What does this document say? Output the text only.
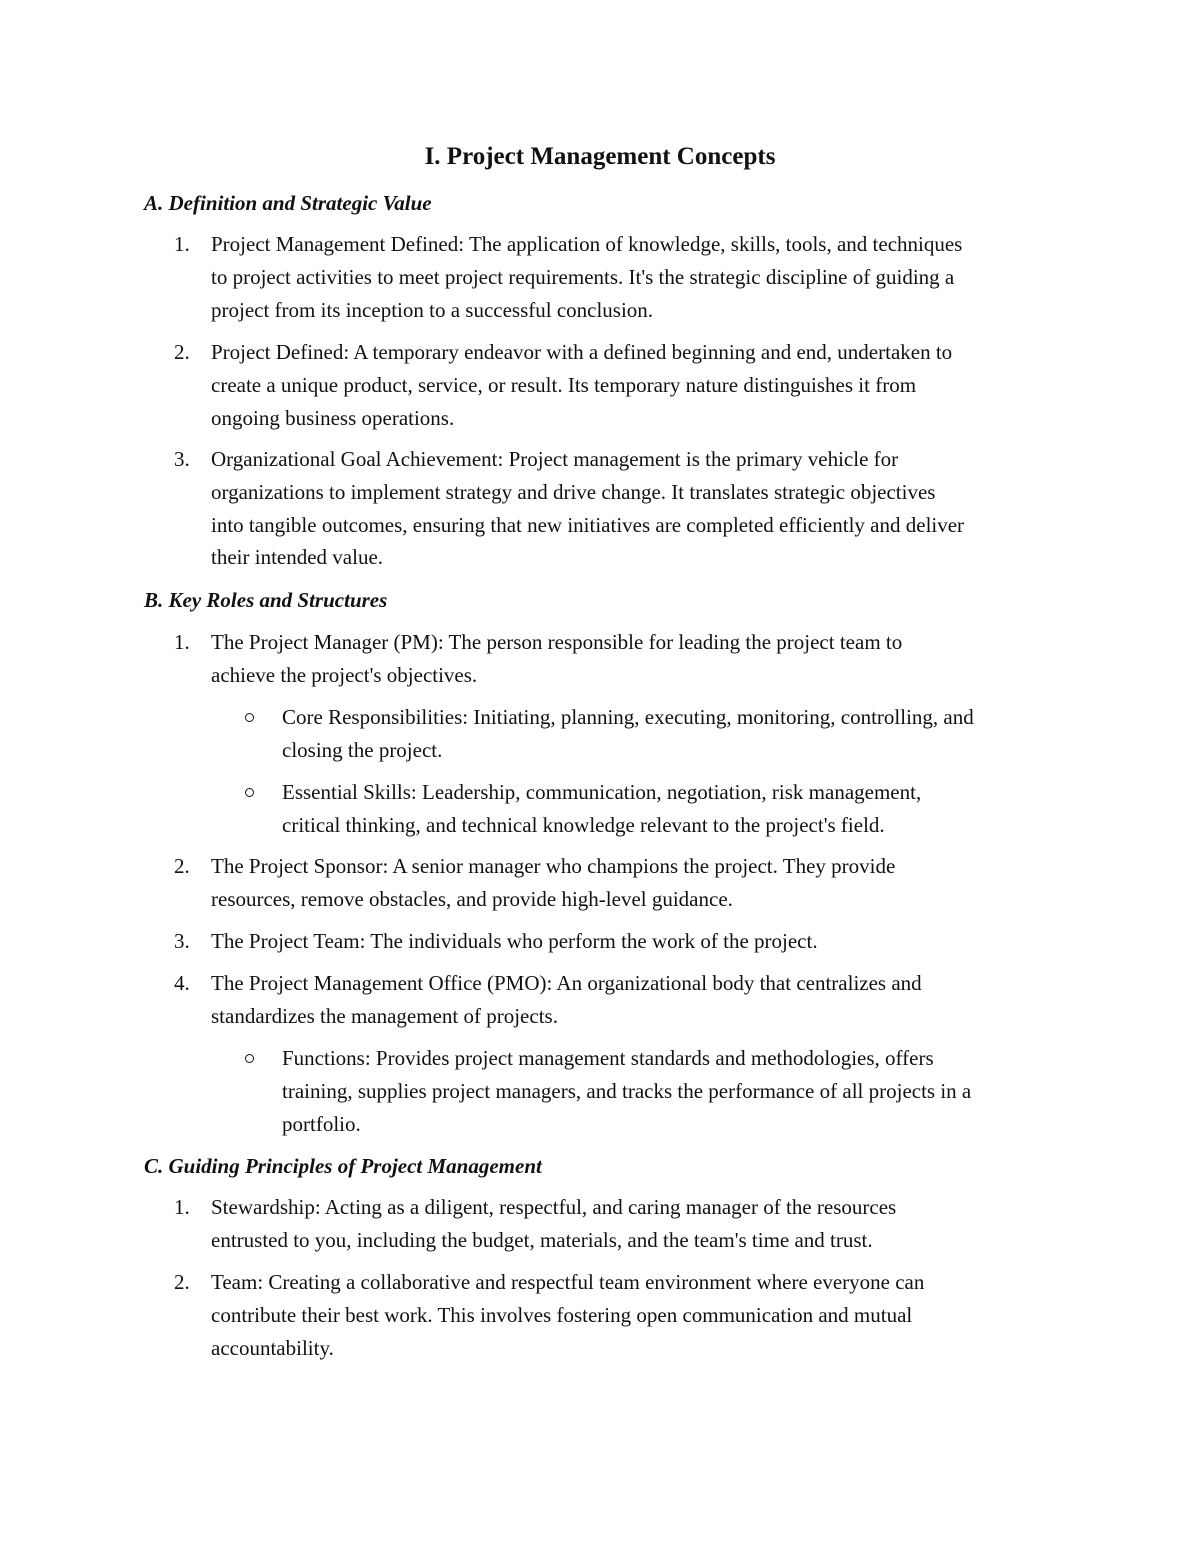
I. Project Management Concepts
A. Definition and Strategic Value
1. Project Management Defined: The application of knowledge, skills, tools, and techniques
to project activities to meet project requirements. It's the strategic discipline of guiding a
project from its inception to a successful conclusion.
2. Project Defined: A temporary endeavor with a defined beginning and end, undertaken to
create a unique product, service, or result. Its temporary nature distinguishes it from
ongoing business operations.
3. Organizational Goal Achievement: Project management is the primary vehicle for
organizations to implement strategy and drive change. It translates strategic objectives
into tangible outcomes, ensuring that new initiatives are completed efficiently and deliver
their intended value.
B. Key Roles and Structures
1. The Project Manager (PM): The person responsible for leading the project team to
achieve the project's objectives.
Core Responsibilities: Initiating, planning, executing, monitoring, controlling, and
closing the project.
Essential Skills: Leadership, communication, negotiation, risk management,
critical thinking, and technical knowledge relevant to the project's field.
2. The Project Sponsor: A senior manager who champions the project. They provide
resources, remove obstacles, and provide high-level guidance.
3. The Project Team: The individuals who perform the work of the project.
4. The Project Management Office (PMO): An organizational body that centralizes and
standardizes the management of projects.
Functions: Provides project management standards and methodologies, offers
training, supplies project managers, and tracks the performance of all projects in a
portfolio.
C. Guiding Principles of Project Management
1. Stewardship: Acting as a diligent, respectful, and caring manager of the resources
entrusted to you, including the budget, materials, and the team's time and trust.
2. Team: Creating a collaborative and respectful team environment where everyone can
contribute their best work. This involves fostering open communication and mutual
accountability.
